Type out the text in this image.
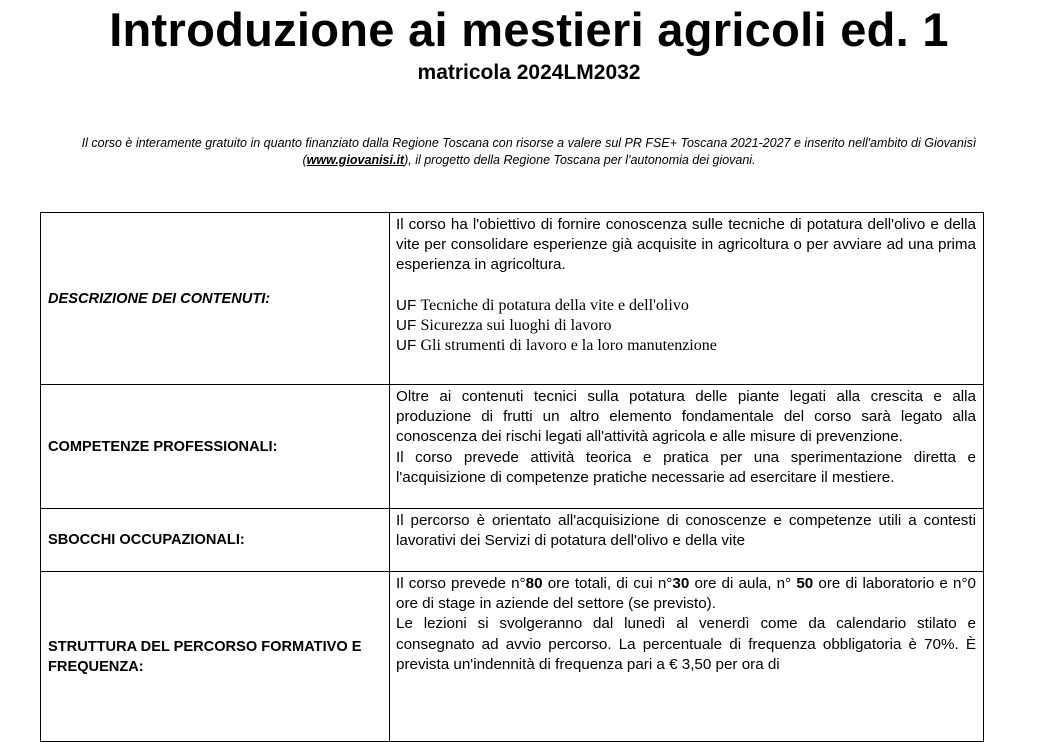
Introduzione ai mestieri agricoli ed. 1
matricola 2024LM2032
Il corso è interamente gratuito in quanto finanziato dalla Regione Toscana con risorse a valere sul PR FSE+ Toscana 2021-2027 e inserito nell'ambito di Giovanisì (www.giovanisi.it), il progetto della Regione Toscana per l'autonomia dei giovani.
DESCRIZIONE DEI CONTENUTI:	Il corso ha l'obiettivo di fornire conoscenza sulle tecniche di potatura dell'olivo e della vite per consolidare esperienze già acquisite in agricoltura o per avviare ad una prima esperienza in agricoltura.

UF Tecniche di potatura della vite e dell'olivo

UF Sicurezza sui luoghi di lavoro

UF Gli strumenti di lavoro e la loro manutenzione

COMPETENZE PROFESSIONALI:	Oltre ai contenuti tecnici sulla potatura delle piante legati alla crescita e alla produzione di frutti un altro elemento fondamentale del corso sarà legato alla conoscenza dei rischi legati all'attività agricola e alle misure di prevenzione.

Il corso prevede attività teorica e pratica per una sperimentazione diretta e l'acquisizione di competenze pratiche necessarie ad esercitare il mestiere.

SBOCCHI OCCUPAZIONALI:	Il percorso è orientato all'acquisizione di conoscenze e competenze utili a contesti lavorativi dei Servizi di potatura dell'olivo e della vite

STRUTTURA DEL PERCORSO FORMATIVO E FREQUENZA:	Il corso prevede n°80 ore totali, di cui n°30 ore di aula, n° 50 ore di laboratorio e n°0 ore di stage in aziende del settore (se previsto).

Le lezioni si svolgeranno dal lunedì al venerdì come da calendario stilato e consegnato ad avvio percorso. La percentuale di frequenza obbligatoria è 70%. È prevista un'indennità di frequenza pari a € 3,50 per ora di
